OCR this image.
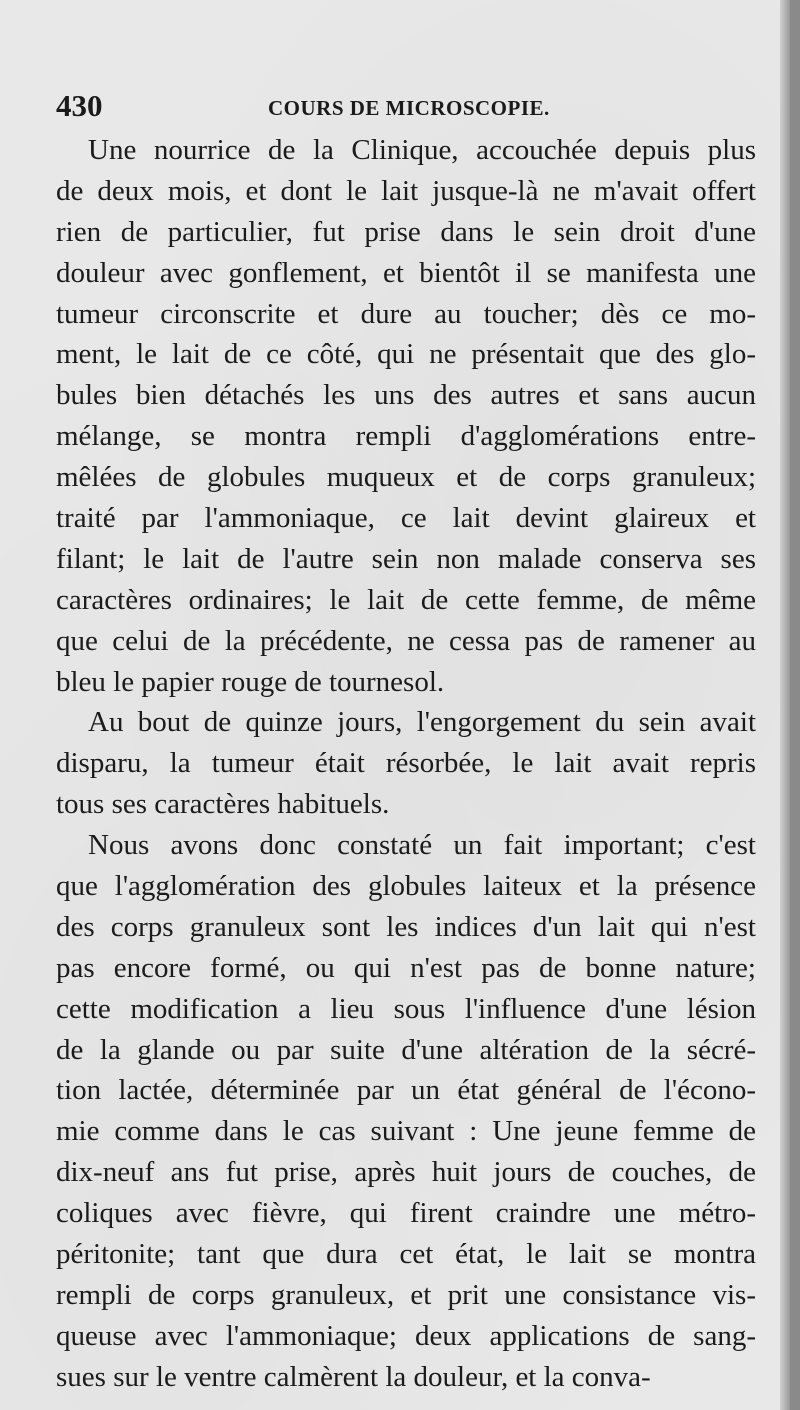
430	COURS DE MICROSCOPIE.
Une nourrice de la Clinique, accouchée depuis plus
de deux mois, et dont le lait jusque-là ne m'avait offert
rien de particulier, fut prise dans le sein droit d'une
douleur avec gonflement, et bientôt il se manifesta une
tumeur circonscrite et dure au toucher; dès ce mo-
ment, le lait de ce côté, qui ne présentait que des glo-
bules bien détachés les uns des autres et sans aucun
mélange, se montra rempli d'agglomérations entre-
mêlées de globules muqueux et de corps granuleux;
traité par l'ammoniaque, ce lait devint glaireux et
filant; le lait de l'autre sein non malade conserva ses
caractères ordinaires; le lait de cette femme, de même
que celui de la précédente, ne cessa pas de ramener au
bleu le papier rouge de tournesol.
Au bout de quinze jours, l'engorgement du sein avait
disparu, la tumeur était résorbée, le lait avait repris
tous ses caractères habituels.
Nous avons donc constaté un fait important; c'est
que l'agglomération des globules laiteux et la présence
des corps granuleux sont les indices d'un lait qui n'est
pas encore formé, ou qui n'est pas de bonne nature;
cette modification a lieu sous l'influence d'une lésion
de la glande ou par suite d'une altération de la sécré-
tion lactée, déterminée par un état général de l'écono-
mie comme dans le cas suivant : Une jeune femme de
dix-neuf ans fut prise, après huit jours de couches, de
coliques avec fièvre, qui firent craindre une métro-
péritonite; tant que dura cet état, le lait se montra
rempli de corps granuleux, et prit une consistance vis-
queuse avec l'ammoniaque; deux applications de sang-
sues sur le ventre calmèrent la douleur, et la conva-
